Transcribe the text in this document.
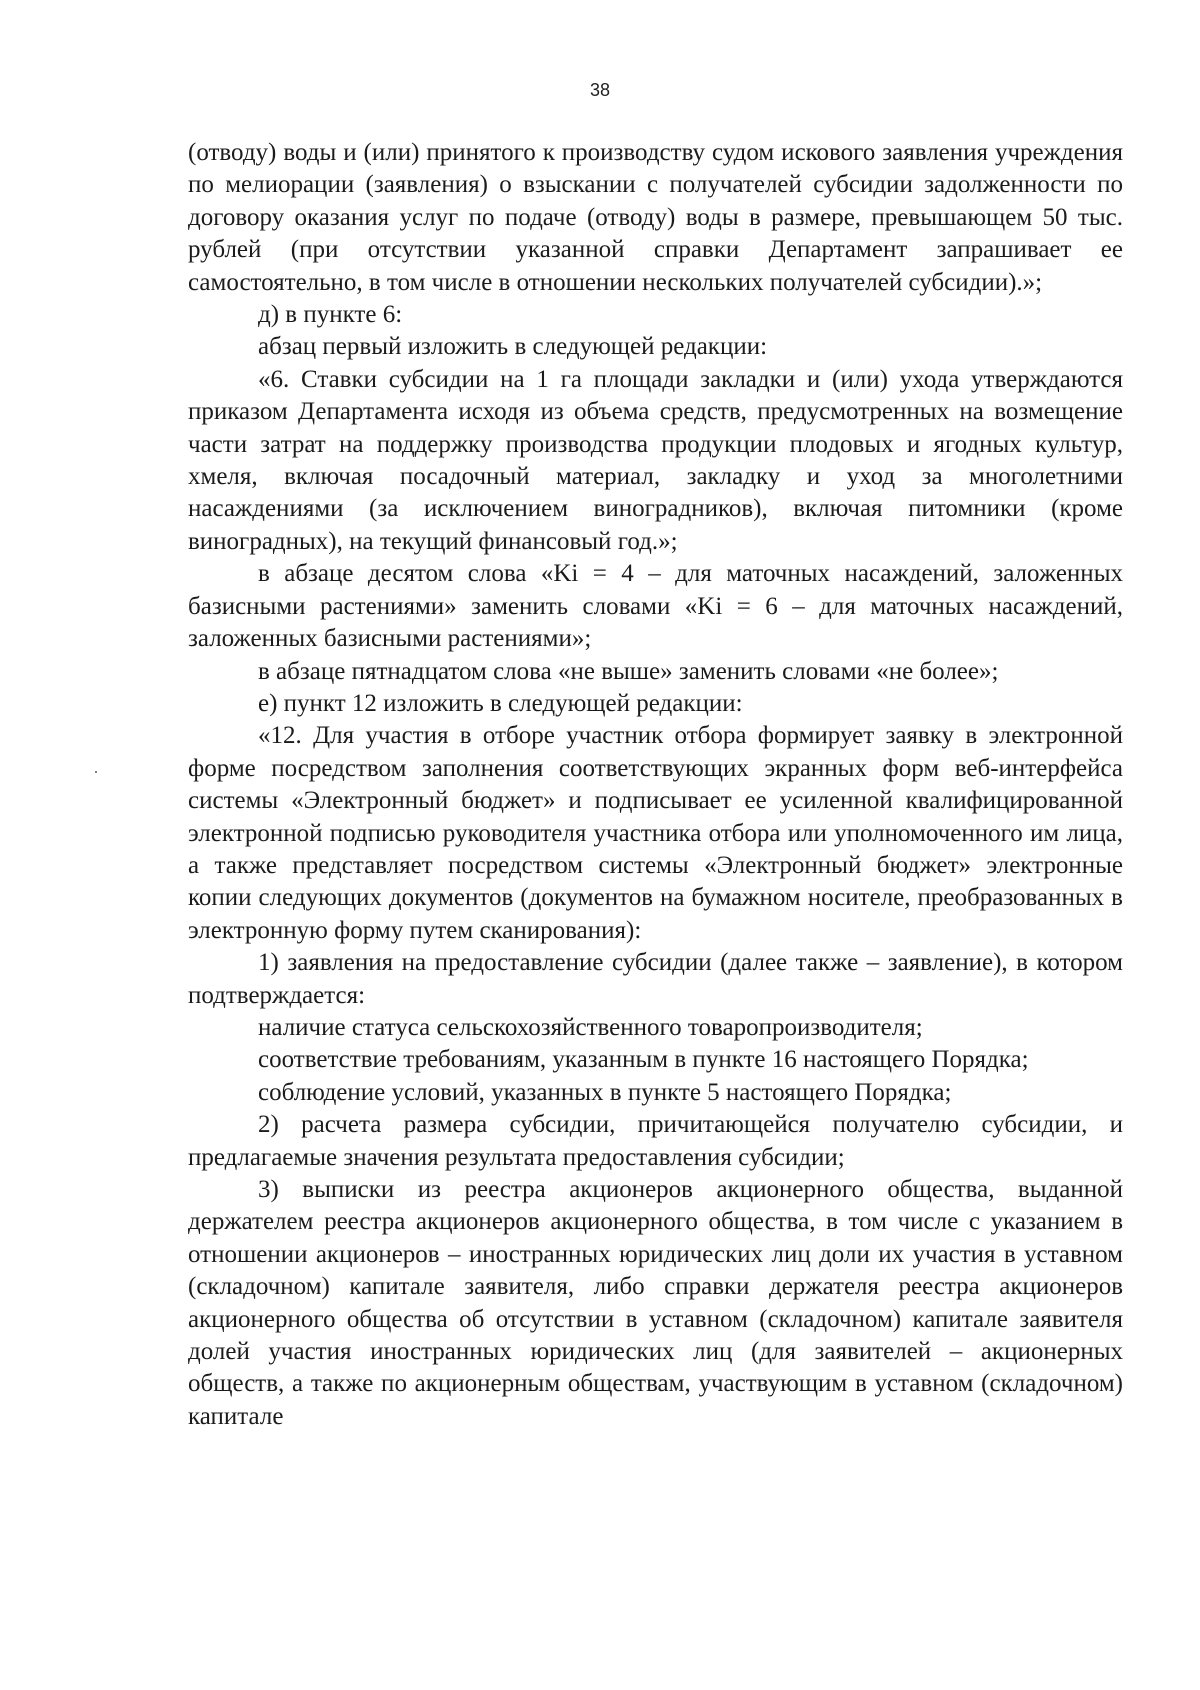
38

(отводу) воды и (или) принятого к производству судом искового заявления учреждения по мелиорации (заявления) о взыскании с получателей субсидии задолженности по договору оказания услуг по подаче (отводу) воды в размере, превышающем 50 тыс. рублей (при отсутствии указанной справки Департамент запрашивает ее самостоятельно, в том числе в отношении нескольких получателей субсидии).»;

д) в пункте 6:

абзац первый изложить в следующей редакции:

«6. Ставки субсидии на 1 га площади закладки и (или) ухода утверждаются приказом Департамента исходя из объема средств, предусмотренных на возмещение части затрат на поддержку производства продукции плодовых и ягодных культур, хмеля, включая посадочный материал, закладку и уход за многолетними насаждениями (за исключением виноградников), включая питомники (кроме виноградных), на текущий финансовый год.»;

в абзаце десятом слова «Ki = 4 – для маточных насаждений, заложенных базисными растениями» заменить словами «Ki = 6 – для маточных насаждений, заложенных базисными растениями»;

в абзаце пятнадцатом слова «не выше» заменить словами «не более»;

е) пункт 12 изложить в следующей редакции:

«12. Для участия в отборе участник отбора формирует заявку в электронной форме посредством заполнения соответствующих экранных форм веб-интерфейса системы «Электронный бюджет» и подписывает ее усиленной квалифицированной электронной подписью руководителя участника отбора или уполномоченного им лица, а также представляет посредством системы «Электронный бюджет» электронные копии следующих документов (документов на бумажном носителе, преобразованных в электронную форму путем сканирования):

1) заявления на предоставление субсидии (далее также – заявление), в котором подтверждается:

наличие статуса сельскохозяйственного товаропроизводителя;

соответствие требованиям, указанным в пункте 16 настоящего Порядка;

соблюдение условий, указанных в пункте 5 настоящего Порядка;

2) расчета размера субсидии, причитающейся получателю субсидии, и предлагаемые значения результата предоставления субсидии;

3) выписки из реестра акционеров акционерного общества, выданной держателем реестра акционеров акционерного общества, в том числе с указанием в отношении акционеров – иностранных юридических лиц доли их участия в уставном (складочном) капитале заявителя, либо справки держателя реестра акционеров акционерного общества об отсутствии в уставном (складочном) капитале заявителя долей участия иностранных юридических лиц (для заявителей – акционерных обществ, а также по акционерным обществам, участвующим в уставном (складочном) капитале
